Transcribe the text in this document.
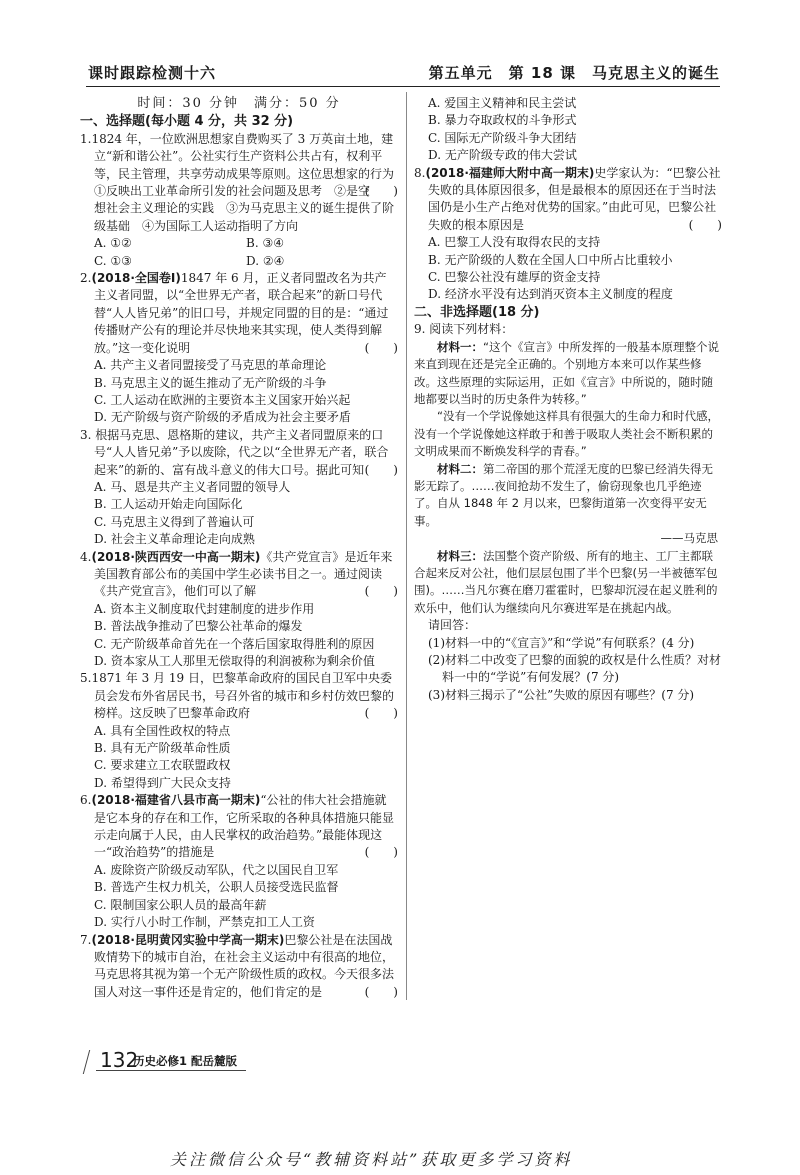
课时跟踪检测十六	第五单元　第 18 课　马克思主义的诞生
时间：30 分钟　满分：50 分
一、选择题(每小题 4 分，共 32 分)

1.1824 年，一位欧洲思想家自费购买了 3 万英亩土地，建立“新和谐公社”。公社实行生产资料公共占有，权利平等，民主管理，共享劳动成果等原则。这位思想家的行为
(　　)

①反映出工业革命所引发的社会问题及思考　②是空想社会主义理论的实践　③为马克思主义的诞生提供了阶级基础　④为国际工人运动指明了方向

A. ①②	B. ③④
C. ①③	D. ②④

2.(2018·全国卷Ⅰ)1847 年 6 月，正义者同盟改名为共产主义者同盟，以“全世界无产者，联合起来”的新口号代替“人人皆兄弟”的旧口号，并规定同盟的目的是：“通过传播财产公有的理论并尽快地来其实现，使人类得到解放。”这一变化说明	(　　)

A. 共产主义者同盟接受了马克思的革命理论

B. 马克思主义的诞生推动了无产阶级的斗争

C. 工人运动在欧洲的主要资本主义国家开始兴起

D. 无产阶级与资产阶级的矛盾成为社会主要矛盾

3. 根据马克思、恩格斯的建议，共产主义者同盟原来的口号“人人皆兄弟”予以废除，代之以“全世界无产者，联合起来”的新的、富有战斗意义的伟大口号。据此可知 (　　)

A. 马、恩是共产主义者同盟的领导人

B. 工人运动开始走向国际化

C. 马克思主义得到了普遍认可

D. 社会主义革命理论走向成熟

4.(2018·陕西西安一中高一期末)《共产党宣言》是近年来美国教育部公布的美国中学生必读书目之一。通过阅读《共产党宣言》，他们可以了解	(　　)

A. 资本主义制度取代封建制度的进步作用

B. 普法战争推动了巴黎公社革命的爆发

C. 无产阶级革命首先在一个落后国家取得胜利的原因

D. 资本家从工人那里无偿取得的利润被称为剩余价值

5.1871 年 3 月 19 日，巴黎革命政府的国民自卫军中央委员会发布外省居民书，号召外省的城市和乡村仿效巴黎的榜样。这反映了巴黎革命政府	(　　)

A. 具有全国性政权的特点

B. 具有无产阶级革命性质

C. 要求建立工农联盟政权

D. 希望得到广大民众支持

6.(2018·福建省八县市高一期末)“公社的伟大社会措施就是它本身的存在和工作，它所采取的各种具体措施只能显示走向属于人民，由人民掌权的政治趋势。”最能体现这一“政治趋势”的措施是	(　　)

A. 废除资产阶级反动军队，代之以国民自卫军

B. 普选产生权力机关，公职人员接受选民监督

C. 限制国家公职人员的最高年薪

D. 实行八小时工作制，严禁克扣工人工资

7.(2018·昆明黄冈实验中学高一期末)巴黎公社是在法国战败情势下的城市自治，在社会主义运动中有很高的地位，马克思将其视为第一个无产阶级性质的政权。今天很多法国人对这一事件还是肯定的，他们肯定的是	(　　)

A. 爱国主义精神和民主尝试

B. 暴力夺取政权的斗争形式

C. 国际无产阶级斗争大团结

D. 无产阶级专政的伟大尝试

8.(2018·福建师大附中高一期末)史学家认为：“巴黎公社失败的具体原因很多，但是最根本的原因还在于当时法国仍是小生产占绝对优势的国家。”由此可见，巴黎公社失败的根本原因是	(　　)

A. 巴黎工人没有取得农民的支持

B. 无产阶级的人数在全国人口中所占比重较小

C. 巴黎公社没有雄厚的资金支持

D. 经济水平没有达到消灭资本主义制度的程度

二、非选择题(18 分)

9. 阅读下列材料：

材料一：“这个《宣言》中所发挥的一般基本原理整个说来直到现在还是完全正确的。个别地方本来可以作某些修改。这些原理的实际运用，正如《宣言》中所说的，随时随地都要以当时的历史条件为转移。”

“没有一个学说像她这样具有很强大的生命力和时代感，没有一个学说像她这样敢于和善于吸取人类社会不断积累的文明成果而不断焕发科学的青春。”

材料二：第二帝国的那个荒淫无度的巴黎已经消失得无影无踪了。……夜间抢劫不发生了，偷窃现象也几乎绝迹了。自从 1848 年 2 月以来，巴黎街道第一次变得平安无事。

——马克思

材料三：法国整个资产阶级、所有的地主、工厂主都联合起来反对公社，他们层层包围了半个巴黎(另一半被德军包围)。……当凡尔赛在磨刀霍霍时，巴黎却沉浸在起义胜利的欢乐中，他们认为继续向凡尔赛进军是在挑起内战。

请回答：

(1)材料一中的“《宣言》”和“学说”有何联系？(4 分)

(2)材料二中改变了巴黎的面貌的政权是什么性质？对材料一中的“学说”有何发展？(7 分)

(3)材料三揭示了“公社”失败的原因有哪些？(7 分)

132
历史必修1 配岳麓版
关注微信公众号“教辅资料站”获取更多学习资料
